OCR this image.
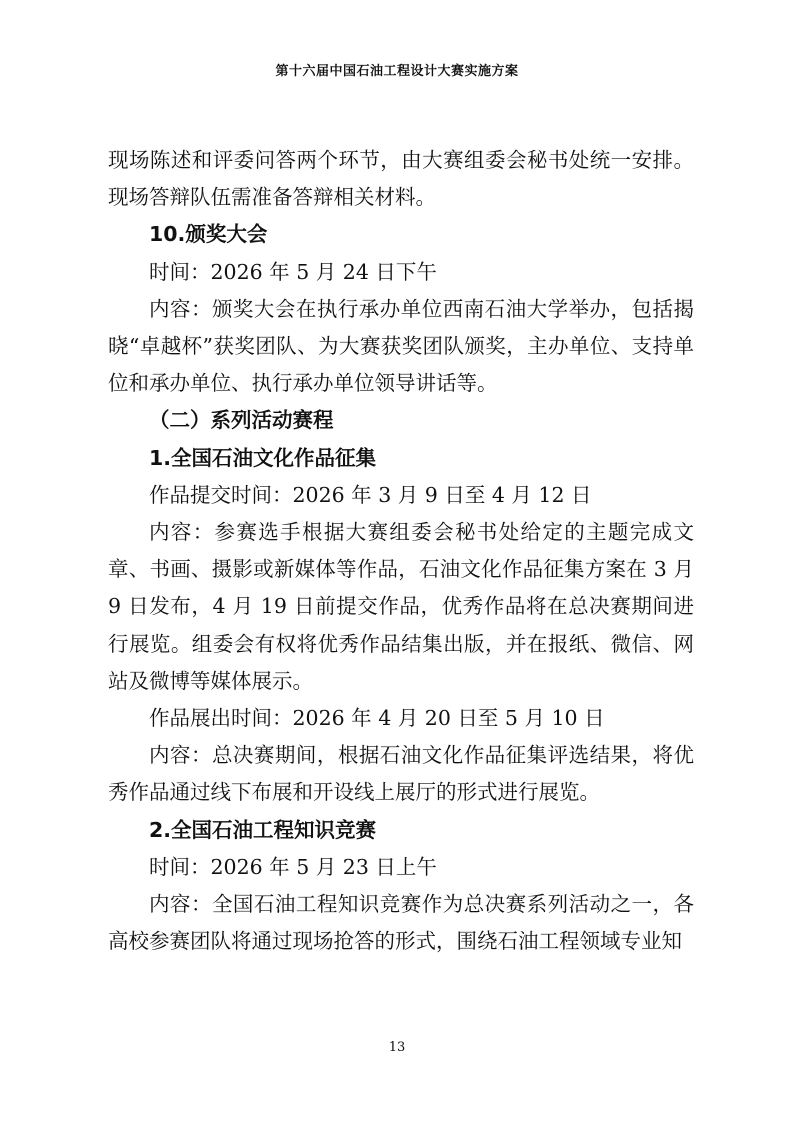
第十六届中国石油工程设计大赛实施方案

现场陈述和评委问答两个环节，由大赛组委会秘书处统一安排。现场答辩队伍需准备答辩相关材料。

10.颁奖大会

时间：2026 年 5 月 24 日下午

内容：颁奖大会在执行承办单位西南石油大学举办，包括揭晓“卓越杯”获奖团队、为大赛获奖团队颁奖，主办单位、支持单位和承办单位、执行承办单位领导讲话等。

（二）系列活动赛程

1.全国石油文化作品征集

作品提交时间：2026 年 3 月 9 日至 4 月 12 日

内容：参赛选手根据大赛组委会秘书处给定的主题完成文章、书画、摄影或新媒体等作品，石油文化作品征集方案在 3 月 9 日发布，4 月 19 日前提交作品，优秀作品将在总决赛期间进行展览。组委会有权将优秀作品结集出版，并在报纸、微信、网站及微博等媒体展示。

作品展出时间：2026 年 4 月 20 日至 5 月 10 日

内容：总决赛期间，根据石油文化作品征集评选结果，将优秀作品通过线下布展和开设线上展厅的形式进行展览。

2.全国石油工程知识竞赛

时间：2026 年 5 月 23 日上午

内容：全国石油工程知识竞赛作为总决赛系列活动之一，各高校参赛团队将通过现场抢答的形式，围绕石油工程领域专业知

13
